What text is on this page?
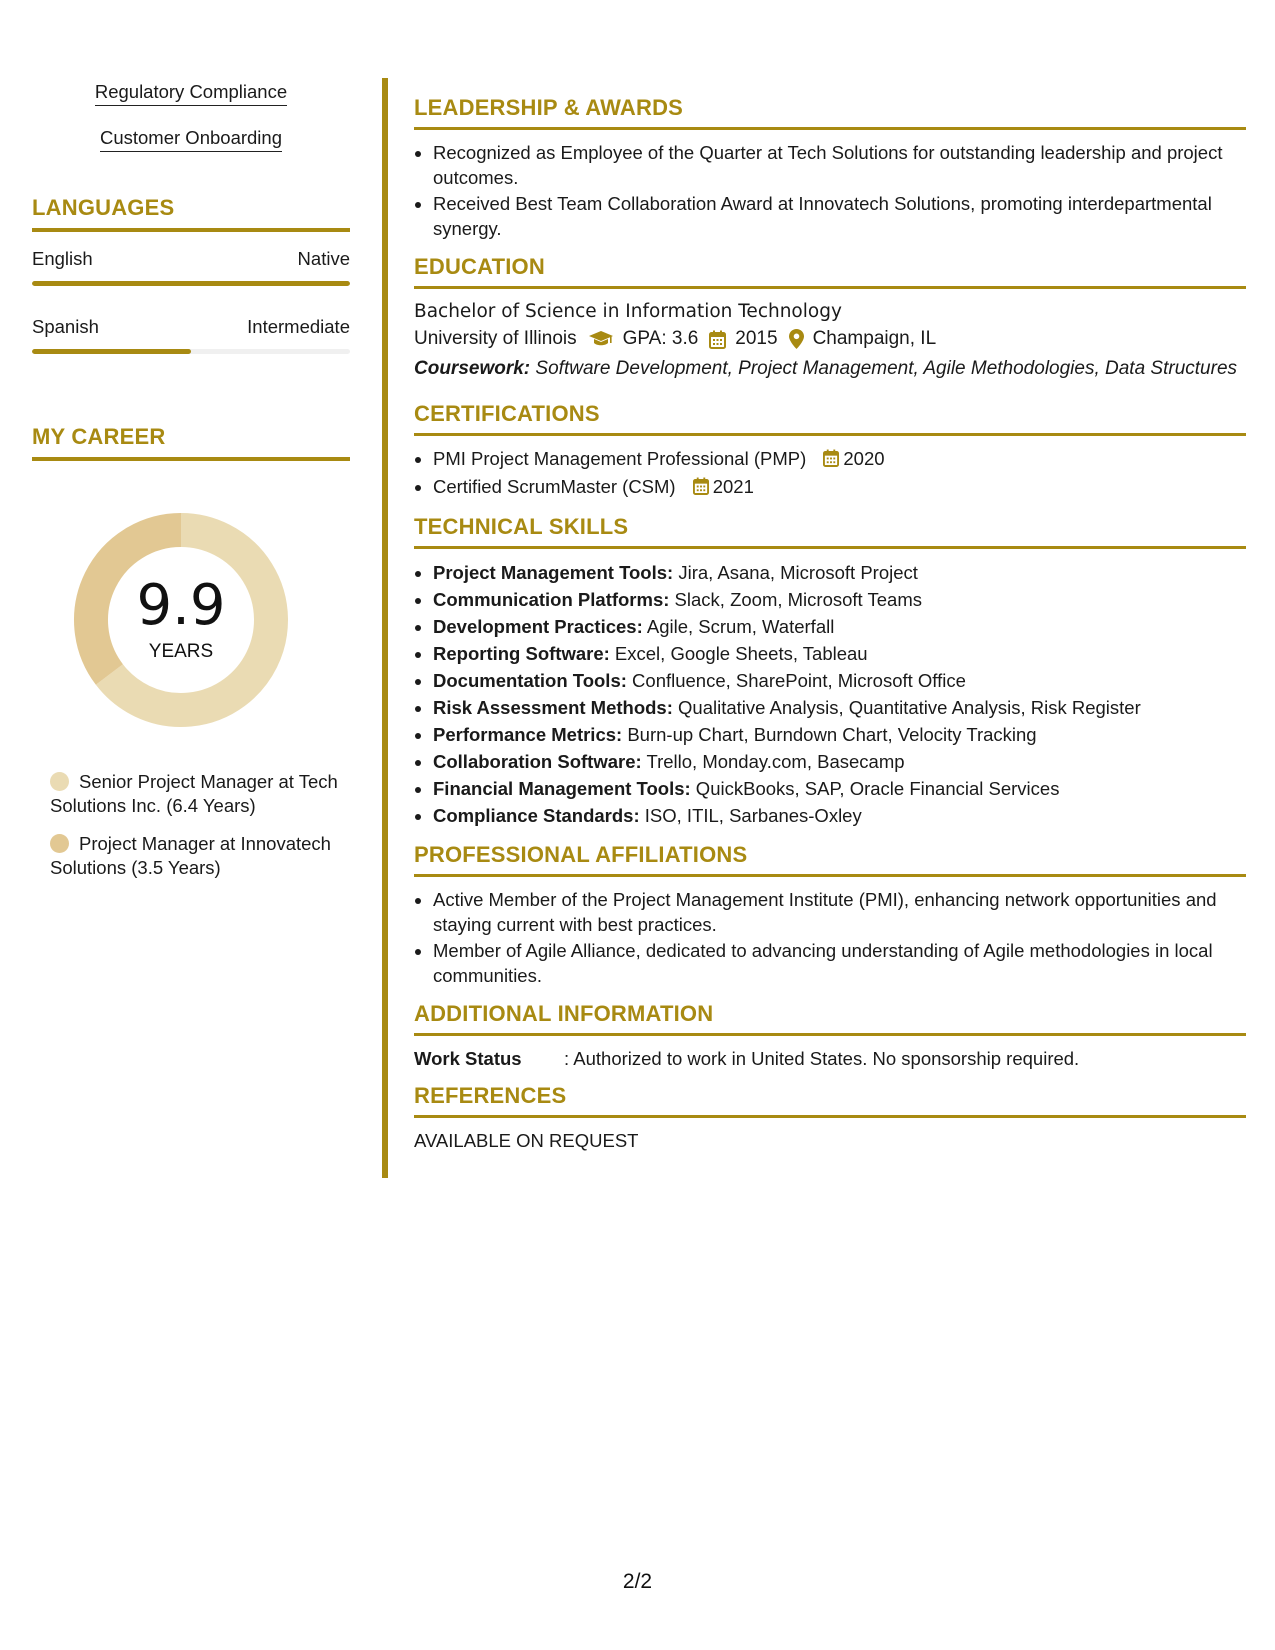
Regulatory Compliance
Customer Onboarding
LANGUAGES
English	Native
Spanish	Intermediate
MY CAREER
9.9
YEARS
Senior Project Manager at Tech Solutions Inc. (6.4 Years)
Project Manager at Innovatech Solutions (3.5 Years)
LEADERSHIP & AWARDS
• Recognized as Employee of the Quarter at Tech Solutions for outstanding leadership and project outcomes.
• Received Best Team Collaboration Award at Innovatech Solutions, promoting interdepartmental synergy.
EDUCATION
Bachelor of Science in Information Technology
University of Illinois GPA: 3.6 2015 Champaign, IL
Coursework: Software Development, Project Management, Agile Methodologies, Data Structures
CERTIFICATIONS
• PMI Project Management Professional (PMP) 2020
• Certified ScrumMaster (CSM) 2021
TECHNICAL SKILLS
• Project Management Tools: Jira, Asana, Microsoft Project
• Communication Platforms: Slack, Zoom, Microsoft Teams
• Development Practices: Agile, Scrum, Waterfall
• Reporting Software: Excel, Google Sheets, Tableau
• Documentation Tools: Confluence, SharePoint, Microsoft Office
• Risk Assessment Methods: Qualitative Analysis, Quantitative Analysis, Risk Register
• Performance Metrics: Burn-up Chart, Burndown Chart, Velocity Tracking
• Collaboration Software: Trello, Monday.com, Basecamp
• Financial Management Tools: QuickBooks, SAP, Oracle Financial Services
• Compliance Standards: ISO, ITIL, Sarbanes-Oxley
PROFESSIONAL AFFILIATIONS
• Active Member of the Project Management Institute (PMI), enhancing network opportunities and staying current with best practices.
• Member of Agile Alliance, dedicated to advancing understanding of Agile methodologies in local communities.
ADDITIONAL INFORMATION
Work Status : Authorized to work in United States. No sponsorship required.
REFERENCES
AVAILABLE ON REQUEST
2/2
